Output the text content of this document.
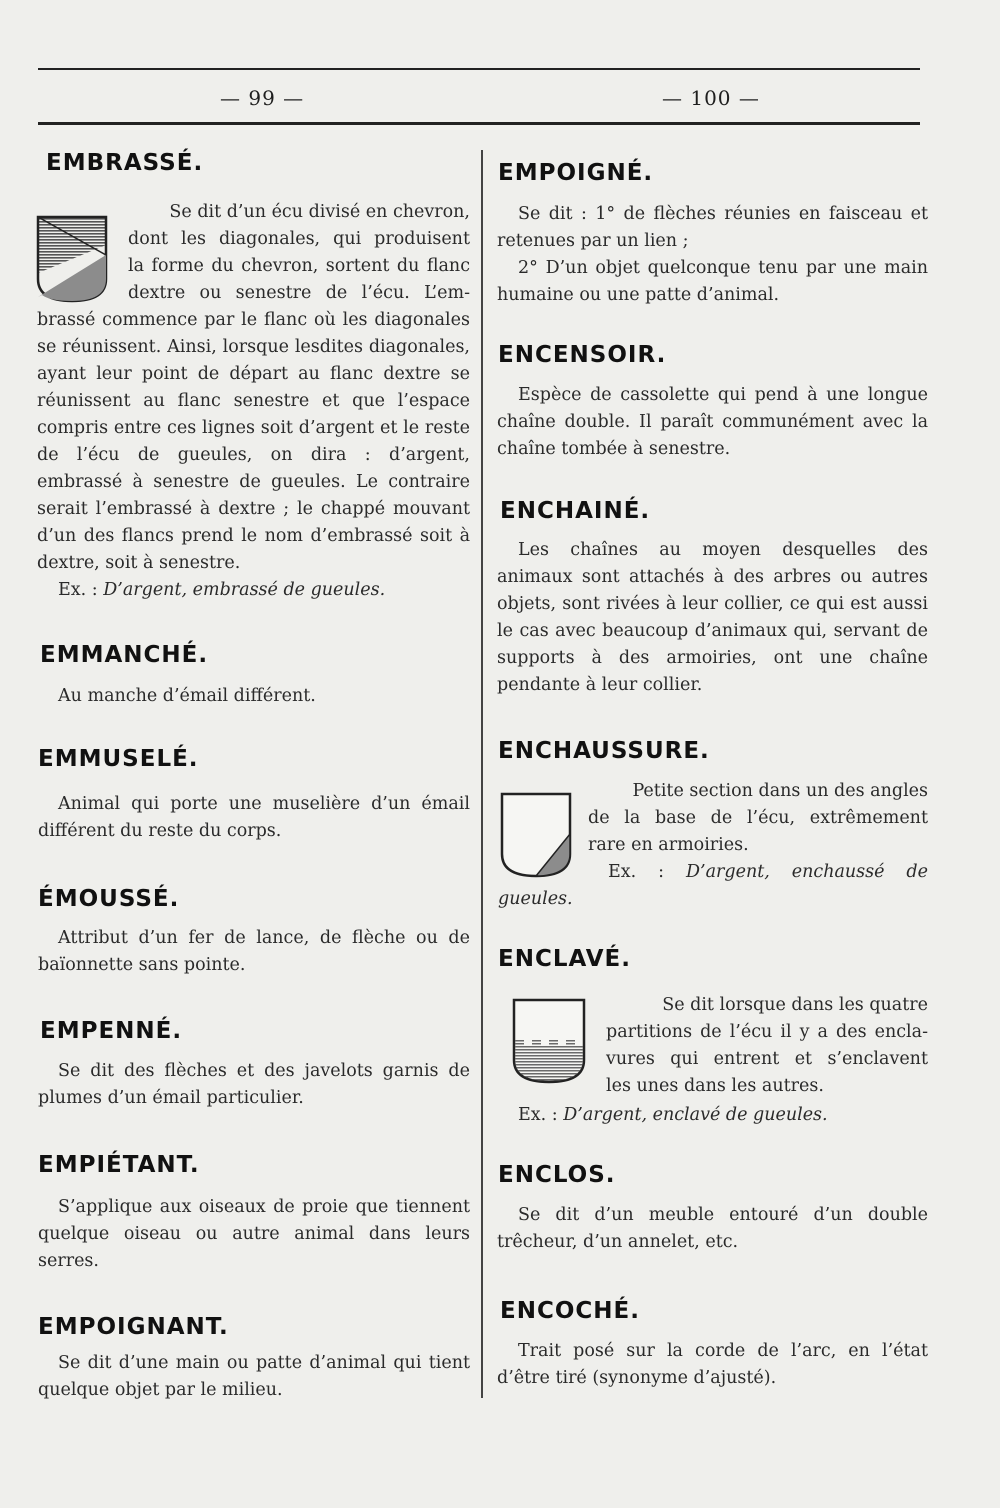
— 99 —	— 100 —
EMBRASSÉ.

Se dit d’un écu divisé en chevron,

dont les diagonales, qui produisent

la forme du chevron, sortent du flanc

dextre ou senestre de l’écu. L’em-

brassé commence par le flanc où les diagonales se réunissent. Ainsi, lorsque lesdites diagonales, ayant leur point de départ au flanc dextre se réunissent au flanc senestre et que l’espace compris entre ces lignes soit d’argent et le reste de l’écu de gueules, on dira : d’argent, embrassé à senestre de gueules. Le contraire serait l’embrassé à dextre ; le chappé mouvant d’un des flancs prend le nom d’embrassé soit à dextre, soit à senestre.

Ex. : D’argent, embrassé de gueules.

EMMANCHÉ.

Au manche d’émail différent.

EMMUSELÉ.

Animal qui porte une muselière d’un émail différent du reste du corps.

ÉMOUSSÉ.

Attribut d’un fer de lance, de flèche ou de baïonnette sans pointe.

EMPENNÉ.

Se dit des flèches et des javelots garnis de plumes d’un émail particulier.

EMPIÉTANT.

S’applique aux oiseaux de proie que tiennent quelque oiseau ou autre animal dans leurs serres.

EMPOIGNANT.

Se dit d’une main ou patte d’animal qui tient quelque objet par le milieu.

EMPOIGNÉ.

Se dit : 1° de flèches réunies en faisceau et retenues par un lien ;

2° D’un objet quelconque tenu par une main humaine ou une patte d’animal.

ENCENSOIR.

Espèce de cassolette qui pend à une longue chaîne double. Il paraît communément avec la chaîne tombée à senestre.

ENCHAINÉ.

Les chaînes au moyen desquelles des animaux sont attachés à des arbres ou autres objets, sont rivées à leur collier, ce qui est aussi le cas avec beaucoup d’animaux qui, servant de supports à des armoiries, ont une chaîne pendante à leur collier.

ENCHAUSSURE.

Petite section dans un des angles

de la base de l’écu, extrêmement

rare en armoiries.

Ex. : D’argent, enchaussé de

gueules.

ENCLAVÉ.

Se dit lorsque dans les quatre

partitions de l’écu il y a des encla-

vures qui entrent et s’enclavent

les unes dans les autres.

Ex. : D’argent, enclavé de gueules.

ENCLOS.

Se dit d’un meuble entouré d’un double trêcheur, d’un annelet, etc.

ENCOCHÉ.

Trait posé sur la corde de l’arc, en l’état d’être tiré (synonyme d’ajusté).
